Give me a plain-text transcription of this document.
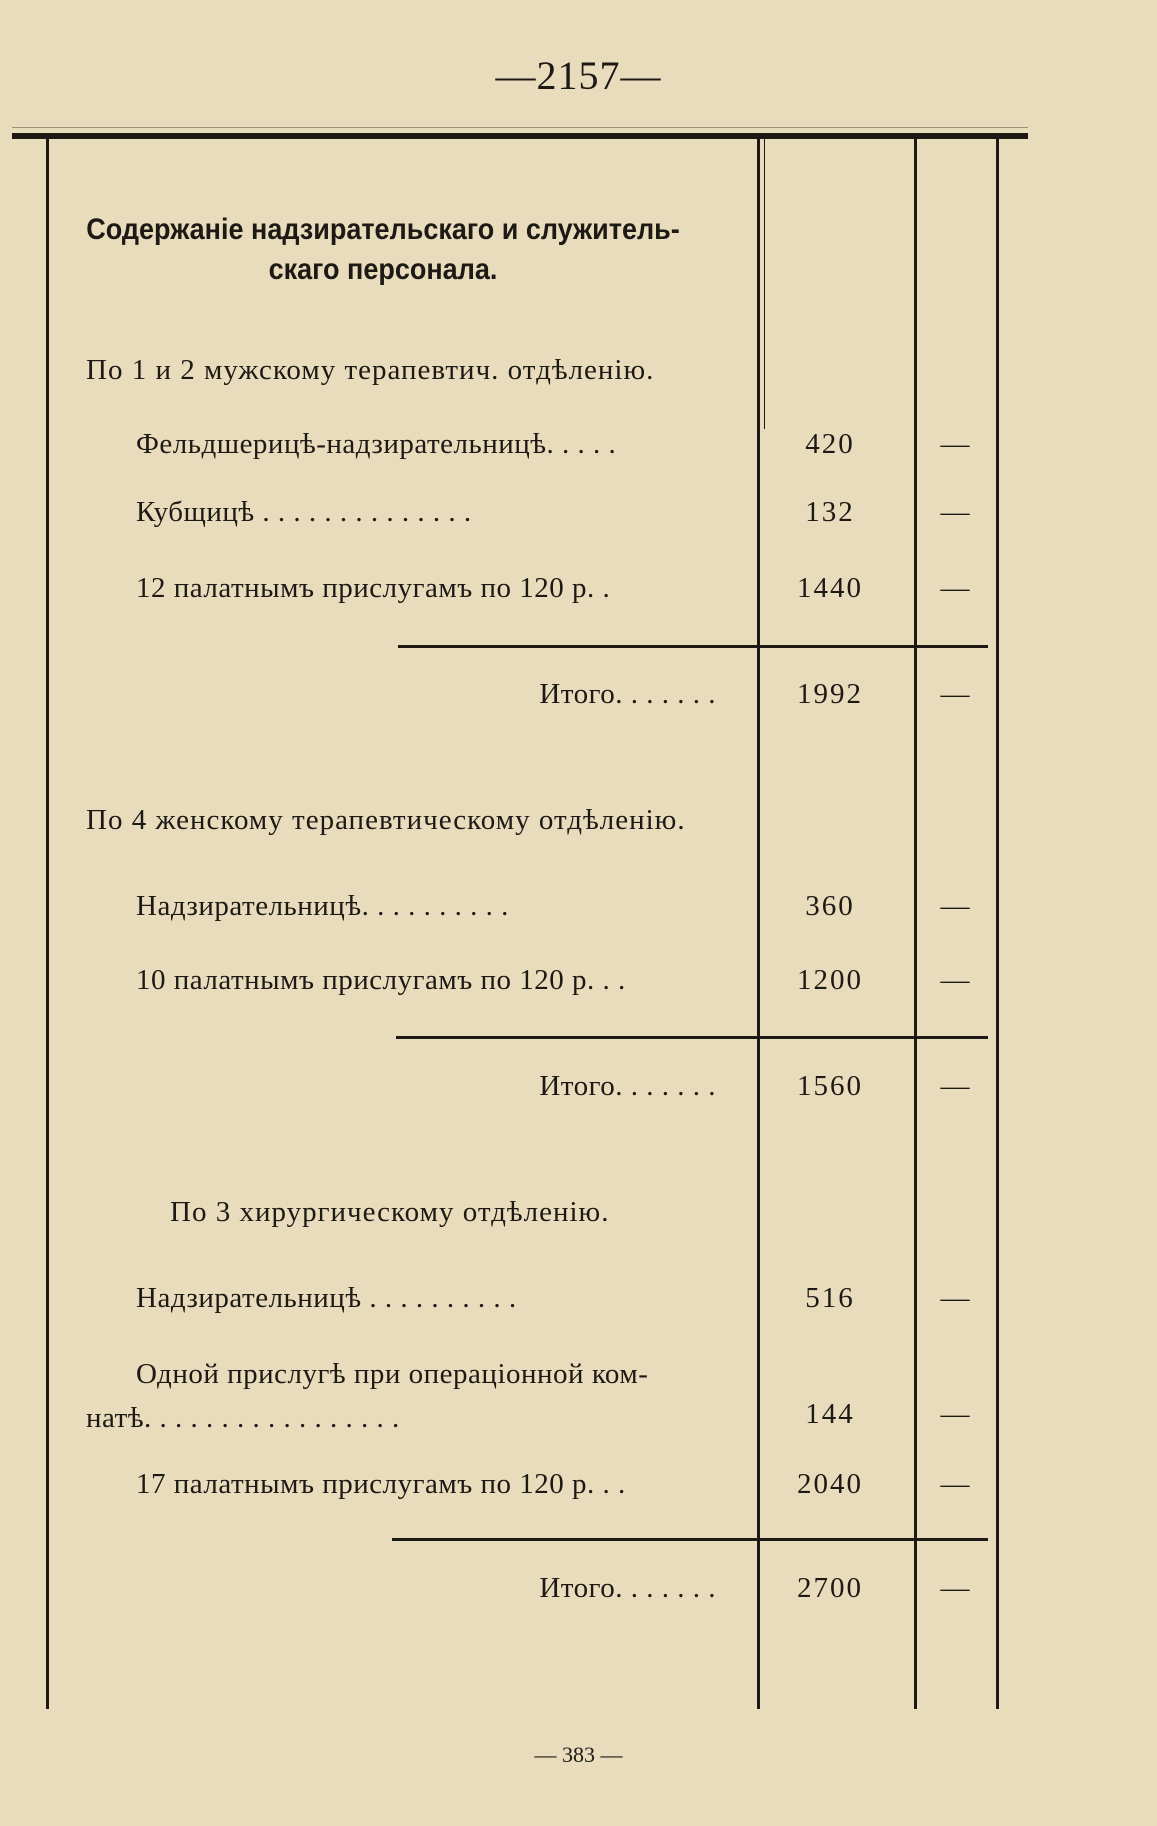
—2157—
Содержаніе надзирательскаго и служитель-
скаго персонала.
По 1 и 2 мужскому терапевтич. отдѣленію.
Фельдшерицѣ-надзирательницѣ. . . . .	420	—
Кубщицѣ . . . . . . . . . . . . . .	132	—
12 палатнымъ прислугамъ по 120 р. .	1440	—
Итого. . . . . . .	1992	—
По 4 женскому терапевтическому отдѣленію.
Надзирательницѣ. . . . . . . . . .	360	—
10 палатнымъ прислугамъ по 120 р. . .	1200	—
Итого. . . . . . .	1560	—
По 3 хирургическому отдѣленію.
Надзирательницѣ . . . . . . . . . .	516	—
Одной прислугѣ при операціонной ком-
натѣ. . . . . . . . . . . . . . . . .	144	—
17 палатнымъ прислугамъ по 120 р. . .	2040	—
Итого. . . . . . .	2700	—
— 383 —
